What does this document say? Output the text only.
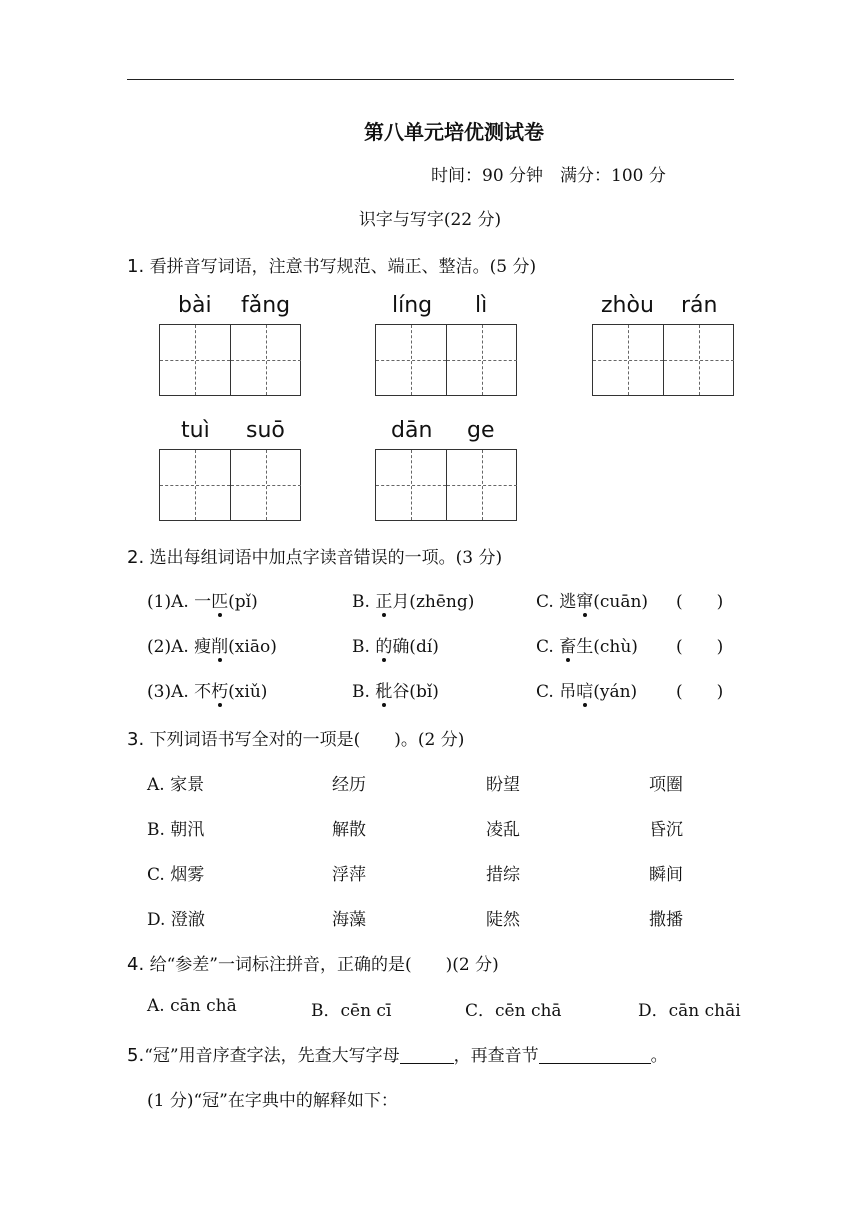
第八单元培优测试卷
时间：90 分钟　满分：100 分
识字与写字(22 分)
1. 看拼音写词语，注意书写规范、端正、整洁。(5 分)
bài fǎng	líng lì	zhòu rán
tuì suō	dān ge
2. 选出每组词语中加点字读音错误的一项。(3 分)
(1)A. 一匹(pǐ)	B. 正月(zhēng)	C. 逃窜(cuān) (　　)
(2)A. 瘦削(xiāo)	B. 的确(dí)	C. 畜生(chù) (　　)
(3)A. 不朽(xiǔ)	B. 秕谷(bǐ)	C. 吊唁(yán) (　　)
3. 下列词语书写全对的一项是(　　)。(2 分)
A. 家景	经历	盼望	项圈
B. 朝汛	解散	凌乱	昏沉
C. 烟雾	浮萍	措综	瞬间
D. 澄澈	海藻	陡然	撒播
4. 给“参差”一词标注拼音，正确的是(　　)(2 分)
A. cān chā	B．cēn cī	C．cēn chā	D．cān chāi
5.“冠”用音序查字法，先查大写字母	，再查音节	。
(1 分)“冠”在字典中的解释如下：
